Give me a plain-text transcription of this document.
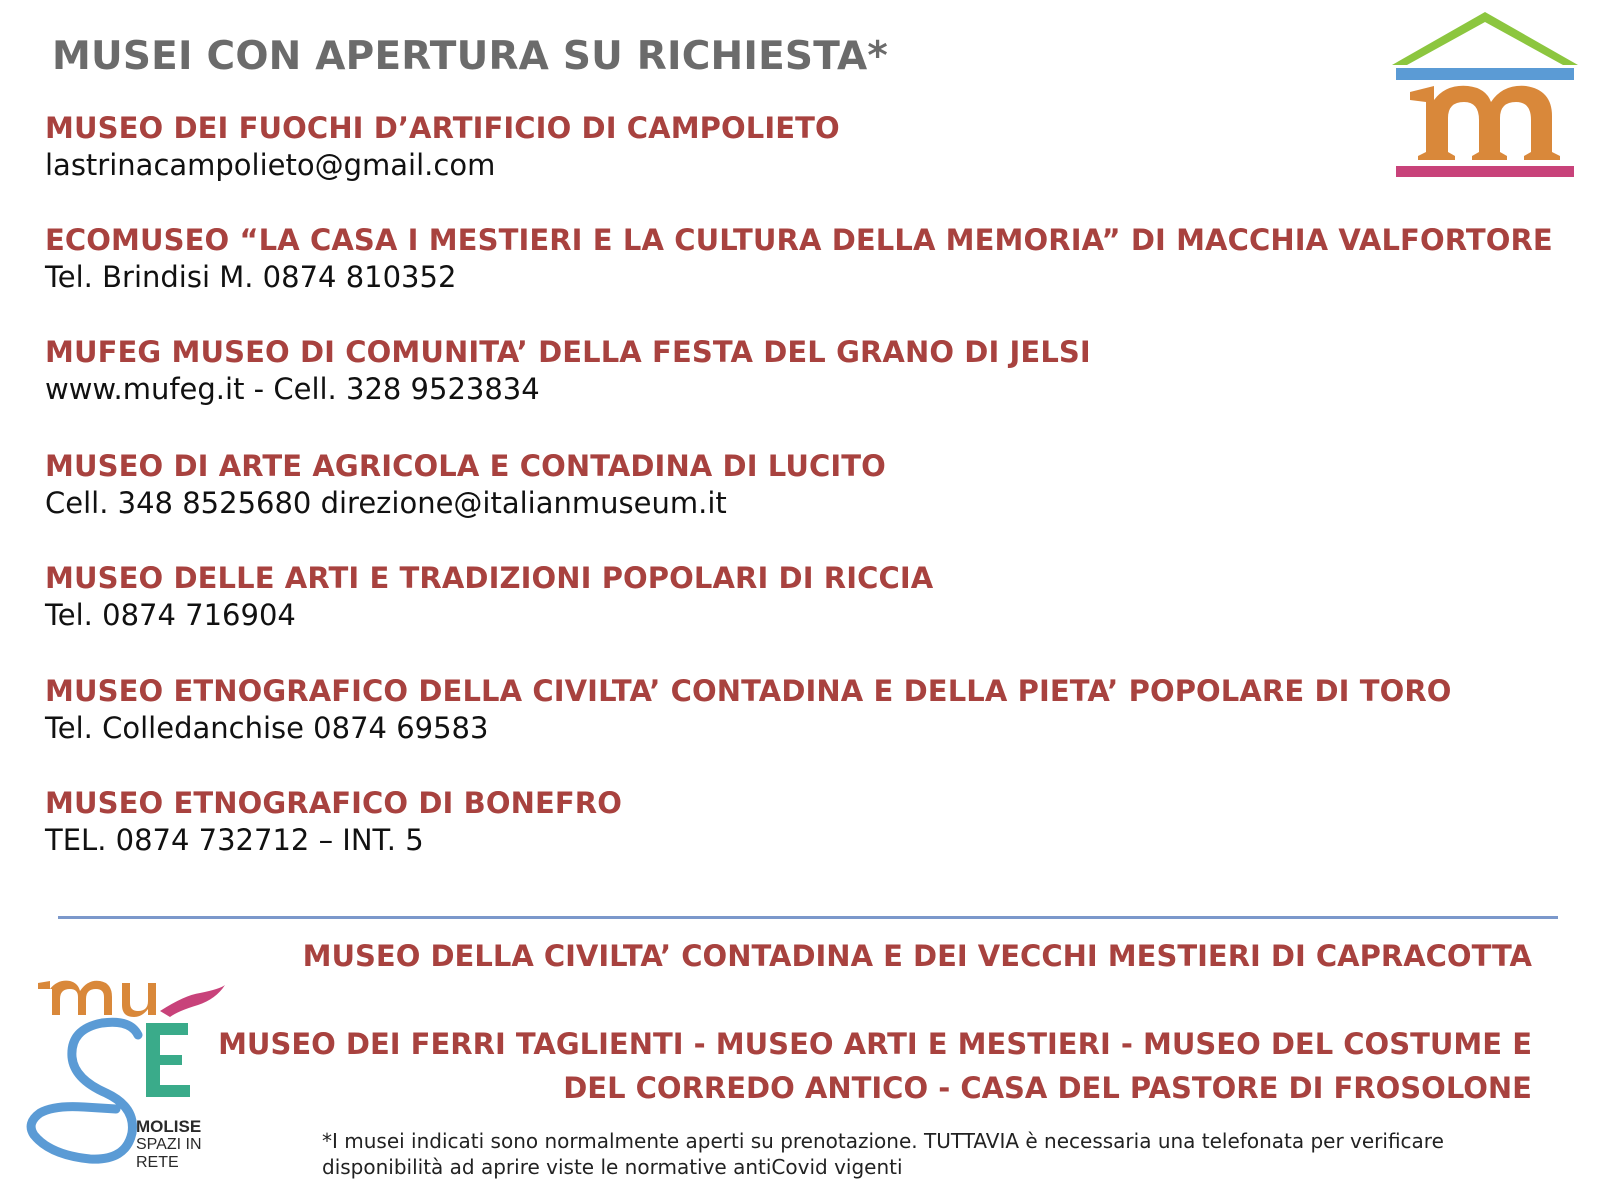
MUSEI CON APERTURA SU RICHIESTA*
MUSEO DEI FUOCHI D’ARTIFICIO DI CAMPOLIETO
lastrinacampolieto@gmail.com
ECOMUSEO “LA CASA I MESTIERI E LA CULTURA DELLA MEMORIA” DI MACCHIA VALFORTORE
Tel. Brindisi M. 0874 810352
MUFEG MUSEO DI COMUNITA’ DELLA FESTA DEL GRANO DI JELSI
www.mufeg.it - Cell. 328 9523834
MUSEO DI ARTE AGRICOLA E CONTADINA DI LUCITO
Cell. 348 8525680 direzione@italianmuseum.it
MUSEO DELLE ARTI E TRADIZIONI POPOLARI DI RICCIA
Tel. 0874 716904
MUSEO ETNOGRAFICO DELLA CIVILTA’ CONTADINA E DELLA PIETA’ POPOLARE DI TORO
Tel. Colledanchise 0874 69583
MUSEO ETNOGRAFICO DI BONEFRO
TEL. 0874 732712 – INT. 5
MUSEO DELLA CIVILTA’ CONTADINA E DEI VECCHI MESTIERI DI CAPRACOTTA
MUSEO DEI FERRI TAGLIENTI - MUSEO ARTI E MESTIERI - MUSEO DEL COSTUME E
DEL CORREDO ANTICO - CASA DEL PASTORE DI FROSOLONE
MOLISE
SPAZI IN
RETE
*I musei indicati sono normalmente aperti su prenotazione. TUTTAVIA è necessaria una telefonata per verificare
disponibilità ad aprire viste le normative antiCovid vigenti
